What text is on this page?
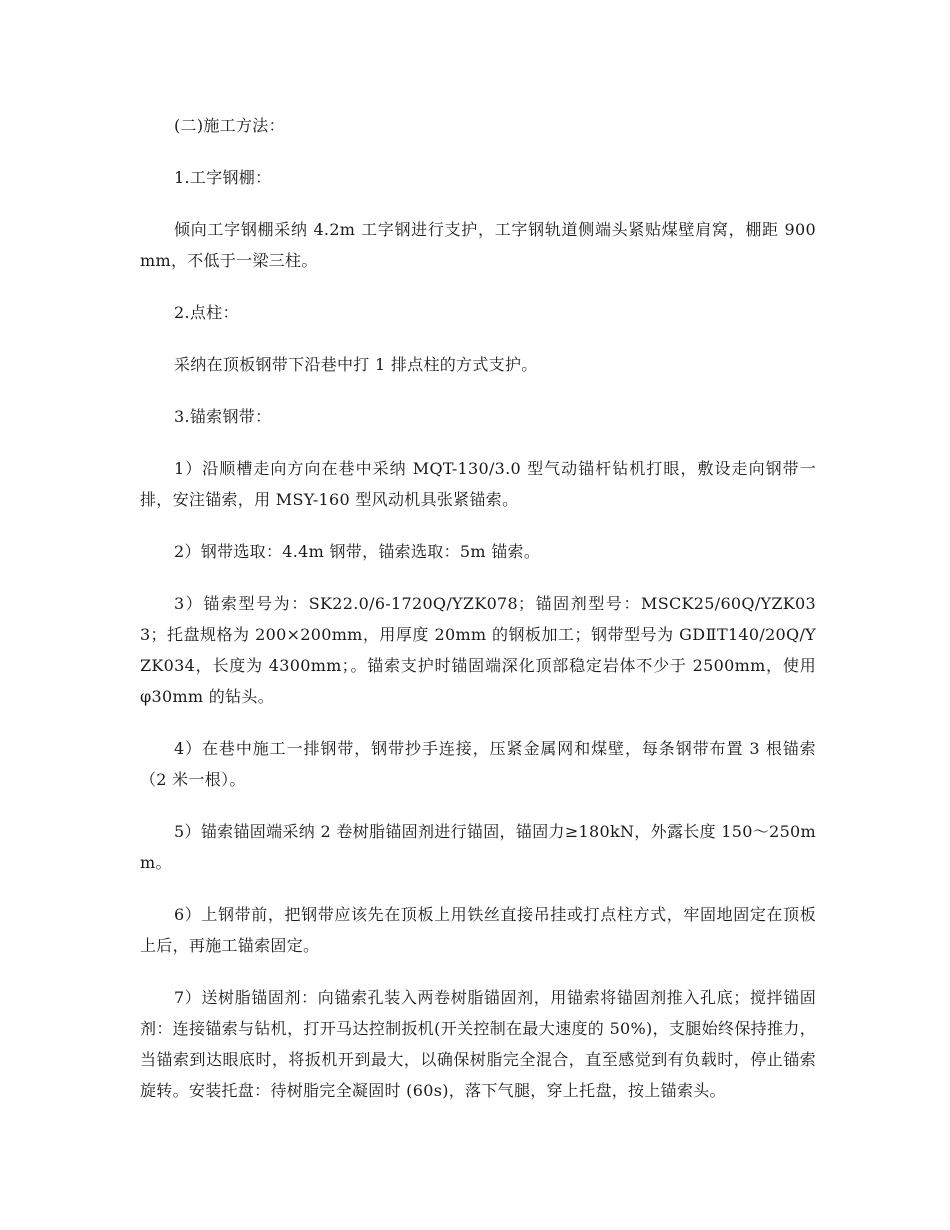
(二)施工方法：

1.工字钢棚：

倾向工字钢棚采纳 4.2m 工字钢进行支护，工字钢轨道侧端头紧贴煤壁肩窝，棚距 900mm，不低于一梁三柱。

2.点柱：

采纳在顶板钢带下沿巷中打 1 排点柱的方式支护。

3.锚索钢带：

1）沿顺槽走向方向在巷中采纳 MQT-130/3.0 型气动锚杆钻机打眼，敷设走向钢带一排，安注锚索，用 MSY-160 型风动机具张紧锚索。

2）钢带选取：4.4m 钢带，锚索选取：5m 锚索。

3）锚索型号为：SK22.0/6-1720Q/YZK078；锚固剂型号：MSCK25/60Q/YZK033；托盘规格为 200×200mm，用厚度 20mm 的钢板加工；钢带型号为 GDⅡT140/20Q/YZK034，长度为 4300mm；。锚索支护时锚固端深化顶部稳定岩体不少于 2500mm，使用 φ30mm 的钻头。

4）在巷中施工一排钢带，钢带抄手连接，压紧金属网和煤壁，每条钢带布置 3 根锚索（2 米一根）。

5）锚索锚固端采纳 2 卷树脂锚固剂进行锚固，锚固力≥180kN，外露长度 150～250mm。

6）上钢带前，把钢带应该先在顶板上用铁丝直接吊挂或打点柱方式，牢固地固定在顶板上后，再施工锚索固定。

7）送树脂锚固剂：向锚索孔装入两卷树脂锚固剂，用锚索将锚固剂推入孔底；搅拌锚固剂：连接锚索与钻机，打开马达控制扳机(开关控制在最大速度的 50%)，支腿始终保持推力，当锚索到达眼底时，将扳机开到最大，以确保树脂完全混合，直至感觉到有负载时，停止锚索旋转。安装托盘：待树脂完全凝固时 (60s)，落下气腿，穿上托盘，按上锚索头。
